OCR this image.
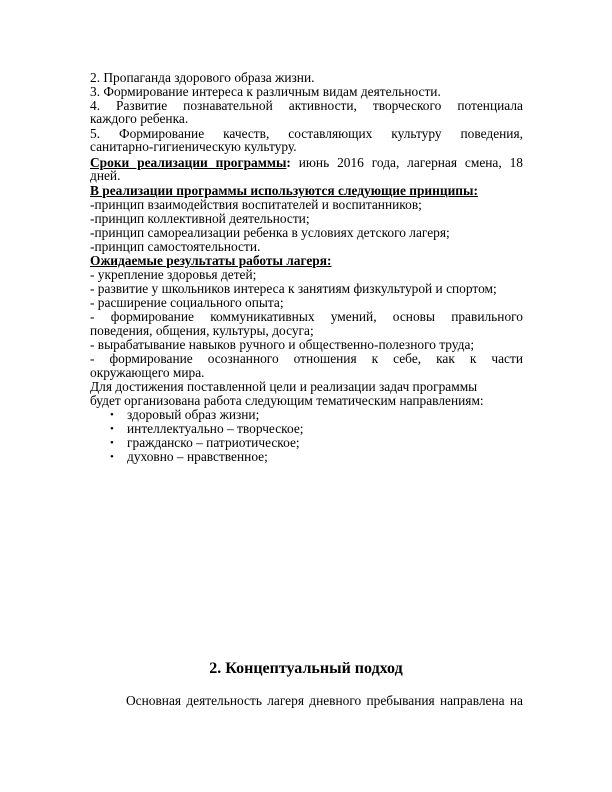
2. Пропаганда здорового образа жизни.
3. Формирование интереса к различным видам деятельности.
4. Развитие познавательной активности, творческого потенциала
каждого ребенка.
5. Формирование качеств, составляющих культуру поведения,
санитарно-гигиеническую культуру.
Сроки реализации программы: июнь 2016 года, лагерная смена, 18
дней.
В реализации программы используются следующие принципы:
-принцип взаимодействия воспитателей и воспитанников;
-принцип коллективной деятельности;
-принцип самореализации ребенка в условиях детского лагеря;
-принцип самостоятельности.
Ожидаемые результаты работы лагеря:
- укрепление здоровья детей;
- развитие у школьников интереса к занятиям физкультурой и спортом;
- расширение социального опыта;
- формирование коммуникативных умений, основы правильного
поведения, общения, культуры, досуга;
- вырабатывание навыков ручного и общественно-полезного труда;
- формирование осознанного отношения к себе, как к части
окружающего мира.
Для достижения поставленной цели и реализации задач программы
будет организована работа следующим тематическим направлениям:
• здоровый образ жизни;
• интеллектуально – творческое;
• гражданско – патриотическое;
• духовно – нравственное;
2. Концептуальный подход
Основная деятельность лагеря дневного пребывания направлена на
